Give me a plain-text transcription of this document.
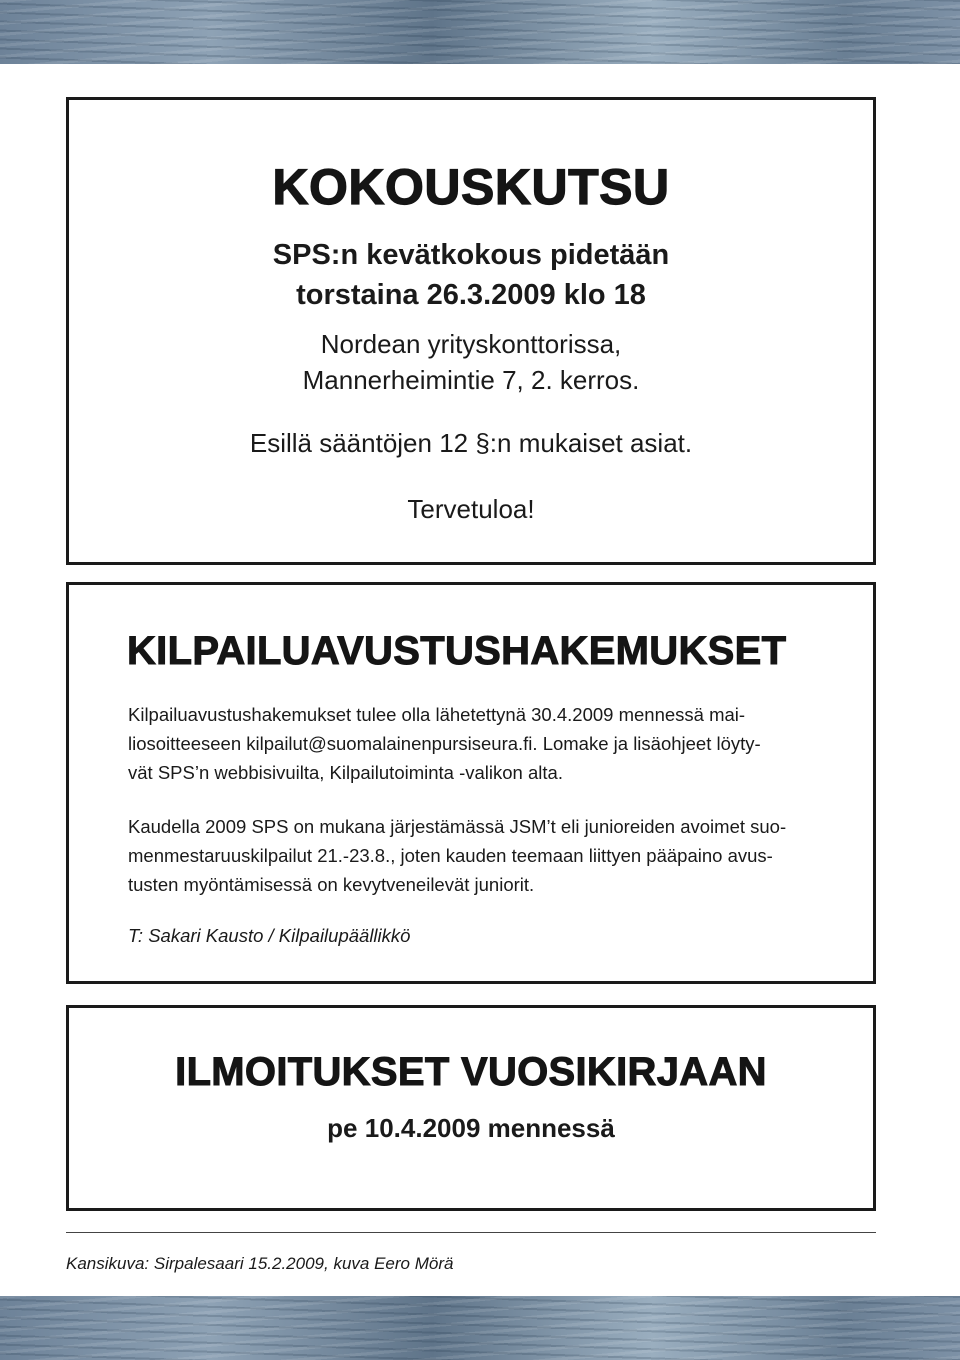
KOKOUSKUTSU

SPS:n kevätkokous pidetään

torstaina 26.3.2009 klo 18

Nordean yrityskonttorissa,

Mannerheimintie 7, 2. kerros.

Esillä sääntöjen 12 §:n mukaiset asiat.

Tervetuloa!

KILPAILUAVUSTUSHAKEMUKSET

Kilpailuavustushakemukset tulee olla lähetettynä 30.4.2009 mennessä mai-
liosoitteeseen kilpailut@suomalainenpursiseura.fi. Lomake ja lisäohjeet löyty-
vät SPS’n webbisivuilta, Kilpailutoiminta -valikon alta.

Kaudella 2009 SPS on mukana järjestämässä JSM’t eli junioreiden avoimet suo-
menmestaruuskilpailut 21.-23.8., joten kauden teemaan liittyen pääpaino avus-
tusten myöntämisessä on kevytveneilevät juniorit.

T: Sakari Kausto / Kilpailupäällikkö

ILMOITUKSET VUOSIKIRJAAN

pe 10.4.2009 mennessä

Kansikuva: Sirpalesaari 15.2.2009, kuva Eero Mörä
